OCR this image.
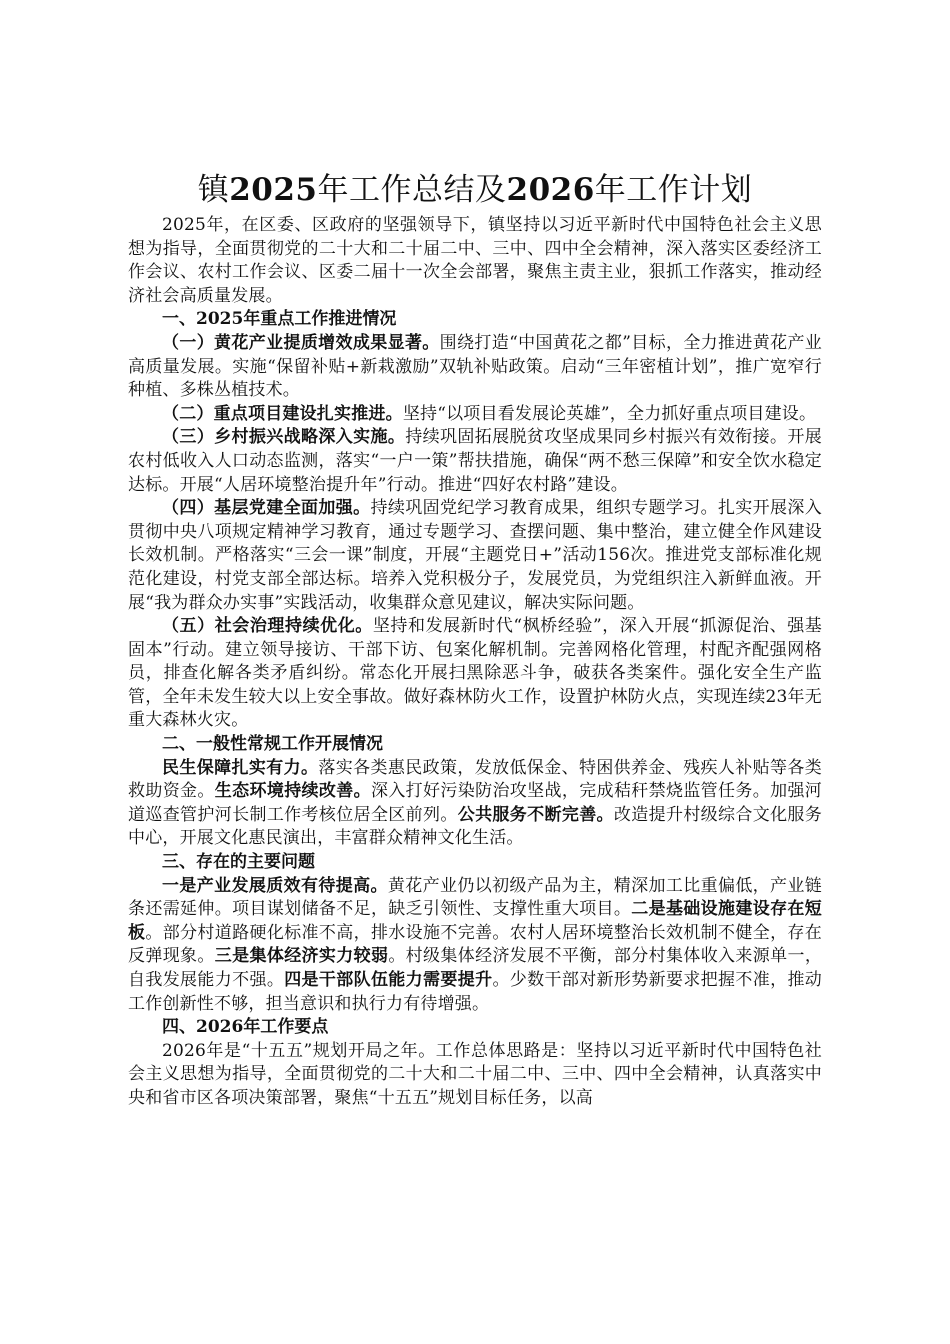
镇2025年工作总结及2026年工作计划

2025年，在区委、区政府的坚强领导下，镇坚持以习近平新时代中国特色社会主义思想为指导，全面贯彻党的二十大和二十届二中、三中、四中全会精神，深入落实区委经济工作会议、农村工作会议、区委二届十一次全会部署，聚焦主责主业，狠抓工作落实，推动经济社会高质量发展。

一、2025年重点工作推进情况

（一）黄花产业提质增效成果显著。围绕打造“中国黄花之都”目标，全力推进黄花产业高质量发展。实施“保留补贴+新栽激励”双轨补贴政策。启动“三年密植计划”，推广宽窄行种植、多株丛植技术。

（二）重点项目建设扎实推进。坚持“以项目看发展论英雄”，全力抓好重点项目建设。

（三）乡村振兴战略深入实施。持续巩固拓展脱贫攻坚成果同乡村振兴有效衔接。开展农村低收入人口动态监测，落实“一户一策”帮扶措施，确保“两不愁三保障”和安全饮水稳定达标。开展“人居环境整治提升年”行动。推进“四好农村路”建设。

（四）基层党建全面加强。持续巩固党纪学习教育成果，组织专题学习。扎实开展深入贯彻中央八项规定精神学习教育，通过专题学习、查摆问题、集中整治，建立健全作风建设长效机制。严格落实“三会一课”制度，开展“主题党日+”活动156次。推进党支部标准化规范化建设，村党支部全部达标。培养入党积极分子，发展党员，为党组织注入新鲜血液。开展“我为群众办实事”实践活动，收集群众意见建议，解决实际问题。

（五）社会治理持续优化。坚持和发展新时代“枫桥经验”，深入开展“抓源促治、强基固本”行动。建立领导接访、干部下访、包案化解机制。完善网格化管理，村配齐配强网格员，排查化解各类矛盾纠纷。常态化开展扫黑除恶斗争，破获各类案件。强化安全生产监管，全年未发生较大以上安全事故。做好森林防火工作，设置护林防火点，实现连续23年无重大森林火灾。

二、一般性常规工作开展情况

民生保障扎实有力。落实各类惠民政策，发放低保金、特困供养金、残疾人补贴等各类救助资金。生态环境持续改善。深入打好污染防治攻坚战，完成秸秆禁烧监管任务。加强河道巡查管护河长制工作考核位居全区前列。公共服务不断完善。改造提升村级综合文化服务中心，开展文化惠民演出，丰富群众精神文化生活。

三、存在的主要问题

一是产业发展质效有待提高。黄花产业仍以初级产品为主，精深加工比重偏低，产业链条还需延伸。项目谋划储备不足，缺乏引领性、支撑性重大项目。二是基础设施建设存在短板。部分村道路硬化标准不高，排水设施不完善。农村人居环境整治长效机制不健全，存在反弹现象。三是集体经济实力较弱。村级集体经济发展不平衡，部分村集体收入来源单一，自我发展能力不强。四是干部队伍能力需要提升。少数干部对新形势新要求把握不准，推动工作创新性不够，担当意识和执行力有待增强。

四、2026年工作要点

2026年是“十五五”规划开局之年。工作总体思路是：坚持以习近平新时代中国特色社会主义思想为指导，全面贯彻党的二十大和二十届二中、三中、四中全会精神，认真落实中央和省市区各项决策部署，聚焦“十五五”规划目标任务，以高
